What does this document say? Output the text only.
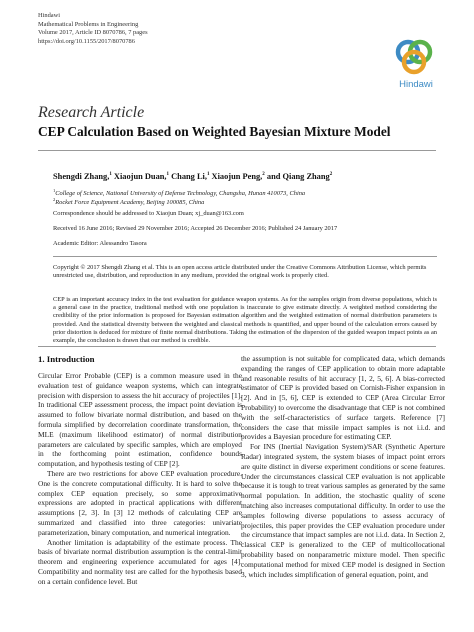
Hindawi
Mathematical Problems in Engineering
Volume 2017, Article ID 8070786, 7 pages
https://doi.org/10.1155/2017/8070786
Hindawi
Research Article
CEP Calculation Based on Weighted Bayesian Mixture Model
Shengdi Zhang,$^1$ Xiaojun Duan,$^1$ Chang Li,$^1$ Xiaojun Peng,$^2$ and Qiang Zhang$^2$
$^1$College of Science, National University of Defense Technology, Changsha, Hunan 410073, China
$^2$Rocket Force Equipment Academy, Beijing 100085, China
Correspondence should be addressed to Xiaojun Duan; xj_duan@163.com
Received 16 June 2016; Revised 29 November 2016; Accepted 26 December 2016; Published 24 January 2017
Academic Editor: Alessandro Tasora
Copyright © 2017 Shengdi Zhang et al. This is an open access article distributed under the Creative Commons Attribution License, which permits unrestricted use, distribution, and reproduction in any medium, provided the original work is properly cited.
CEP is an important accuracy index in the test evaluation for guidance weapon systems. As for the samples origin from diverse populations, which is a general case in the practice, traditional method with one population is inaccurate to give estimate directly. A weighted method considering the credibility of the prior information is proposed for Bayesian estimation algorithm and the weighted estimation of normal distribution parameters is provided. And the statistical diversity between the weighted and classical methods is quantified, and upper bound of the calculation errors caused by prior distortion is deduced for mixture of finite normal distributions. Taking the estimation of the dispersion of the guided weapon impact points as an example, the conclusion is drawn that our method is credible.
1. Introduction

Circular Error Probable (CEP) is a common measure used in the evaluation test of guidance weapon systems, which can integrate precision with dispersion to assess the hit accuracy of projectiles [1]. In traditional CEP assessment process, the impact point deviation is assumed to follow bivariate normal distribution, and based on the formula simplified by decorrelation coordinate transformation, the MLE (maximum likelihood estimator) of normal distribution parameters are calculated by specific samples, which are employed in the forthcoming point estimation, confidence bounds computation, and hypothesis testing of CEP [2].

There are two restrictions for above CEP evaluation procedure. One is the concrete computational difficulty. It is hard to solve the complex CEP equation precisely, so some approximative expressions are adopted in practical applications with different assumptions [2, 3]. In [3] 12 methods of calculating CEP are summarized and classified into three categories: univariate parameterization, binary computation, and numerical integration.

Another limitation is adaptability of the estimate process. The basis of bivariate normal distribution assumption is the central-limit theorem and engineering experience accumulated for ages [4]. Compatibility and normality test are called for the hypothesis based on a certain confidence level. But

the assumption is not suitable for complicated data, which demands expanding the ranges of CEP application to obtain more adaptable and reasonable results of hit accuracy [1, 2, 5, 6]. A bias-corrected estimator of CEP is provided based on Cornish-Fisher expansion in [2]. And in [5, 6], CEP is extended to CEP (Area Circular Error Probability) to overcome the disadvantage that CEP is not combined with the self-characteristics of surface targets. Reference [7] considers the case that missile impact samples is not i.i.d. and provides a Bayesian procedure for estimating CEP.

For INS (Inertial Navigation System)/SAR (Synthetic Aperture Radar) integrated system, the system biases of impact point errors are quite distinct in diverse experiment conditions or scene features. Under the circumstances classical CEP evaluation is not applicable because it is tough to treat various samples as generated by the same normal population. In addition, the stochastic quality of scene matching also increases computational difficulty. In order to use the samples following diverse populations to assess accuracy of projectiles, this paper provides the CEP evaluation procedure under the circumstance that impact samples are not i.i.d. data. In Section 2, classical CEP is generalized to the CEP of multicollocational probability based on nonparametric mixture model. Then specific computational method for mixed CEP model is designed in Section 3, which includes simplification of general equation, point, and
